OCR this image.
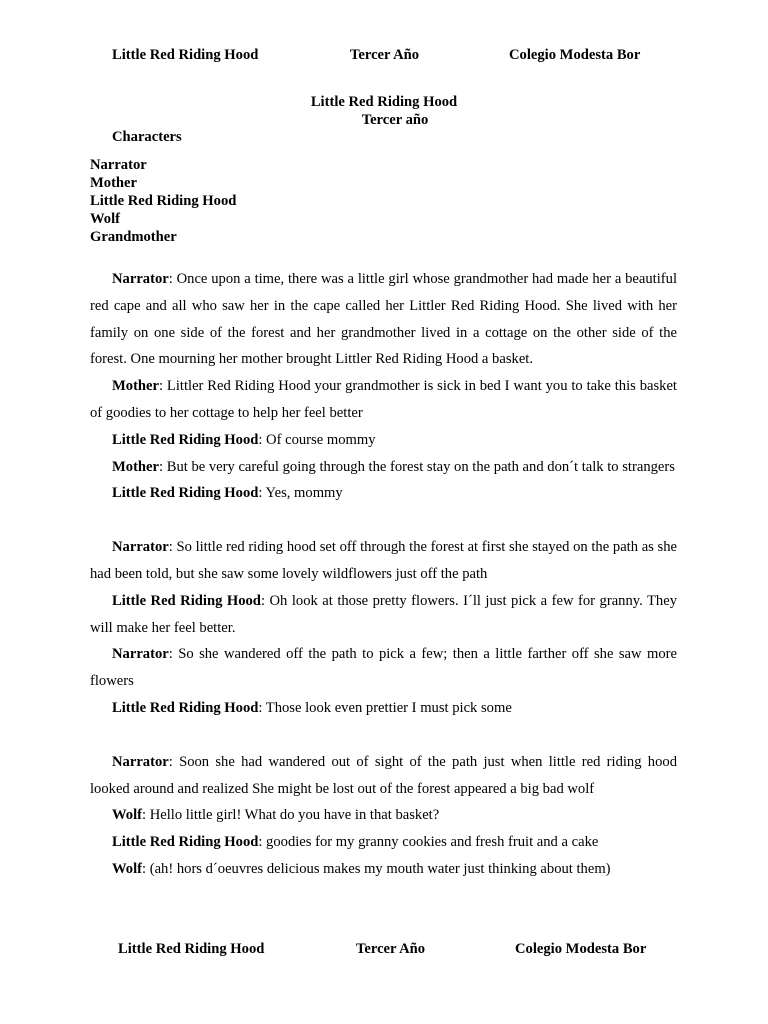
Little Red Riding Hood	Tercer Año	Colegio Modesta Bor
Little Red Riding Hood
Tercer año
Characters
Narrator
Mother
Little Red Riding Hood
Wolf
Grandmother

Narrator: Once upon a time, there was a little girl whose grandmother had made her a beautiful red cape and all who saw her in the cape called her Littler Red Riding Hood. She lived with her family on one side of the forest and her grandmother lived in a cottage on the other side of the forest. One mourning her mother brought Littler Red Riding Hood a basket.

Mother: Littler Red Riding Hood your grandmother is sick in bed I want you to take this basket of goodies to her cottage to help her feel better

Little Red Riding Hood: Of course mommy

Mother: But be very careful going through the forest stay on the path and don´t talk to strangers

Little Red Riding Hood: Yes, mommy

Narrator: So little red riding hood set off through the forest at first she stayed on the path as she had been told, but she saw some lovely wildflowers just off the path

Little Red Riding Hood: Oh look at those pretty flowers. I´ll just pick a few for granny. They will make her feel better.

Narrator: So she wandered off the path to pick a few; then a little farther off she saw more flowers

Little Red Riding Hood: Those look even prettier I must pick some

Narrator: Soon she had wandered out of sight of the path just when little red riding hood looked around and realized She might be lost out of the forest appeared a big bad wolf

Wolf: Hello little girl! What do you have in that basket?

Little Red Riding Hood: goodies for my granny cookies and fresh fruit and a cake

Wolf: (ah! hors d´oeuvres delicious makes my mouth water just thinking about them)

Little Red Riding Hood	Tercer Año	Colegio Modesta Bor
